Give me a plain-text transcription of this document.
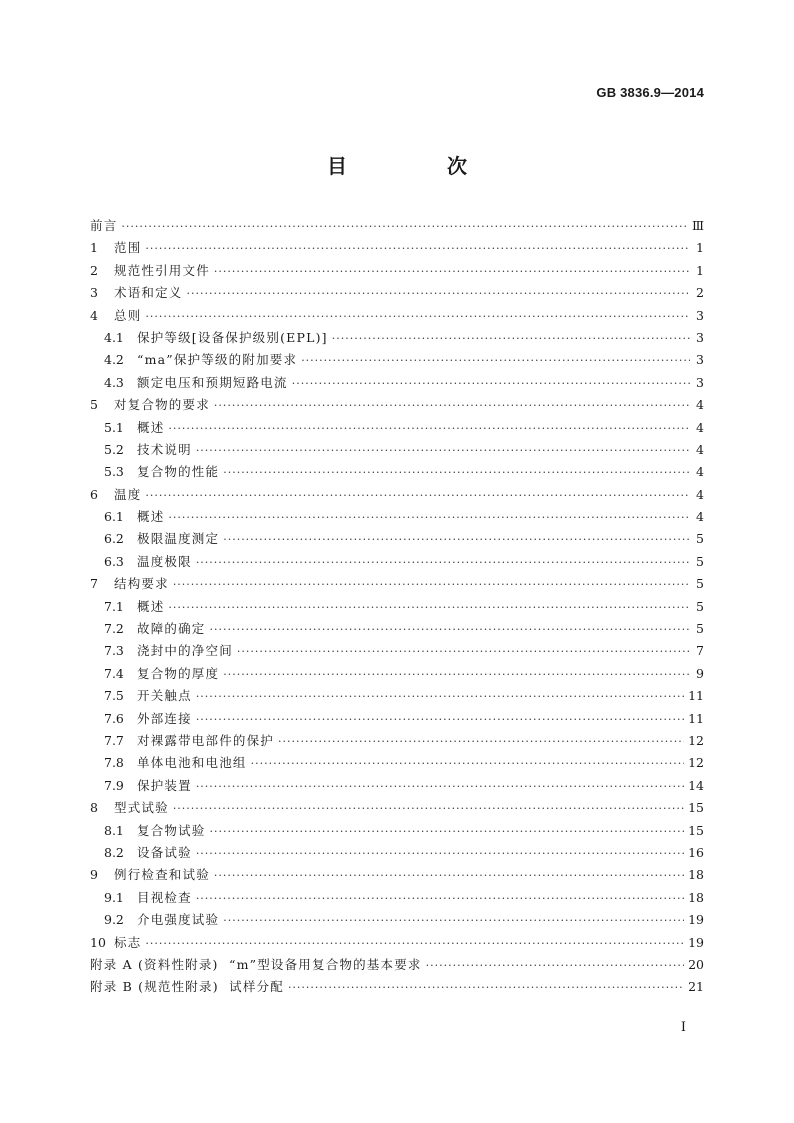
GB 3836.9—2014
目　次
前言 ·····	Ⅲ
1	范围 ·····	1
2	规范性引用文件 ·····	1
3	术语和定义 ·····	2
4	总则 ·····	3
4.1	保护等级[设备保护级别(EPL)] ·····	3
4.2	“ma”保护等级的附加要求 ·····	3
4.3	额定电压和预期短路电流 ·····	3
5	对复合物的要求 ·····	4
5.1	概述 ·····	4
5.2	技术说明 ·····	4
5.3	复合物的性能 ·····	4
6	温度 ·····	4
6.1	概述 ·····	4
6.2	极限温度测定 ·····	5
6.3	温度极限 ·····	5
7	结构要求 ·····	5
7.1	概述 ·····	5
7.2	故障的确定 ·····	5
7.3	浇封中的净空间 ·····	7
7.4	复合物的厚度 ·····	9
7.5	开关触点 ·····	11
7.6	外部连接 ·····	11
7.7	对裸露带电部件的保护 ·····	12
7.8	单体电池和电池组 ·····	12
7.9	保护装置 ·····	14
8	型式试验 ·····	15
8.1	复合物试验 ·····	15
8.2	设备试验 ·····	16
9	例行检查和试验 ·····	18
9.1	目视检查 ·····	18
9.2	介电强度试验 ·····	19
10 标志 ·····	19
附录 A (资料性附录)  “m”型设备用复合物的基本要求 ·····	20
附录 B (规范性附录)  试样分配 ·····	21
I
